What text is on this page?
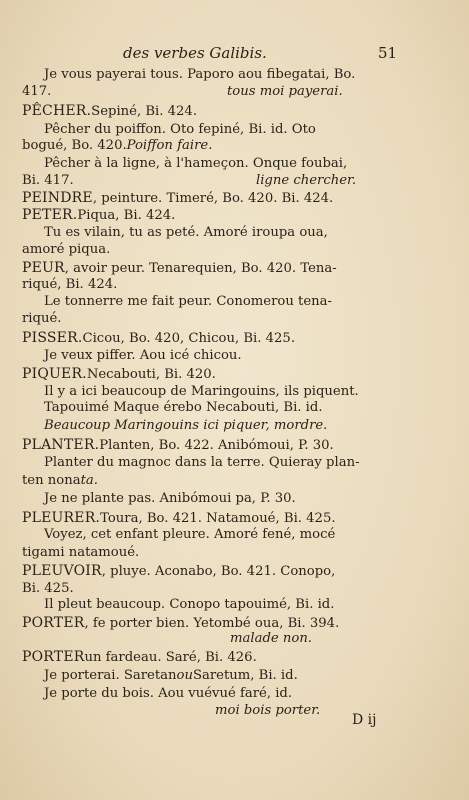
des verbes Galibis.	51
Je vous payerai tous. Paporo aou fibegatai, Bo.
417.	tous moi payerai.
PÊCHER.Sepiné, Bi. 424.
Pêcher du poiffon. Oto fepiné, Bi. id. Oto
bogué, Bo. 420.Poiffon faire.
Pêcher à la ligne, à l'hameçon. Onque foubai,
Bi. 417.	ligne chercher.
PEINDRE, peinture. Timeré, Bo. 420. Bi. 424.
PETER.Piqua, Bi. 424.
Tu es vilain, tu as peté. Amoré iroupa oua,
amoré piqua.
PEUR, avoir peur. Tenarequien, Bo. 420. Tena-
riqué, Bi. 424.
Le tonnerre me fait peur. Conomerou tena-
riqué.
PISSER.Cicou, Bo. 420, Chicou, Bi. 425.
Je veux piffer. Aou icé chicou.
PIQUER.Necabouti, Bi. 420.
Il y a ici beaucoup de Maringouins, ils piquent.
Tapouimé Maque érebo Necabouti, Bi. id.
Beaucoup Maringouins ici piquer, mordre.
PLANTER.Planten, Bo. 422. Anibómoui, P. 30.
Planter du magnoc dans la terre. Quieray plan-
ten nonata.
Je ne plante pas. Anibómoui pa, P. 30.
PLEURER.Toura, Bo. 421. Natamoué, Bi. 425.
Voyez, cet enfant pleure. Amoré fené, mocé
tigami natamoué.
PLEUVOIR, pluye. Aconabo, Bo. 421. Conopo,
Bi. 425.
Il pleut beaucoup. Conopo tapouimé, Bi. id.
PORTER, fe porter bien. Yetombé oua, Bi. 394.
malade non.
PORTERun fardeau. Saré, Bi. 426.
Je porterai. SaretanouSaretum, Bi. id.
Je porte du bois. Aou vuévué faré, id.
moi bois porter.
D ij
